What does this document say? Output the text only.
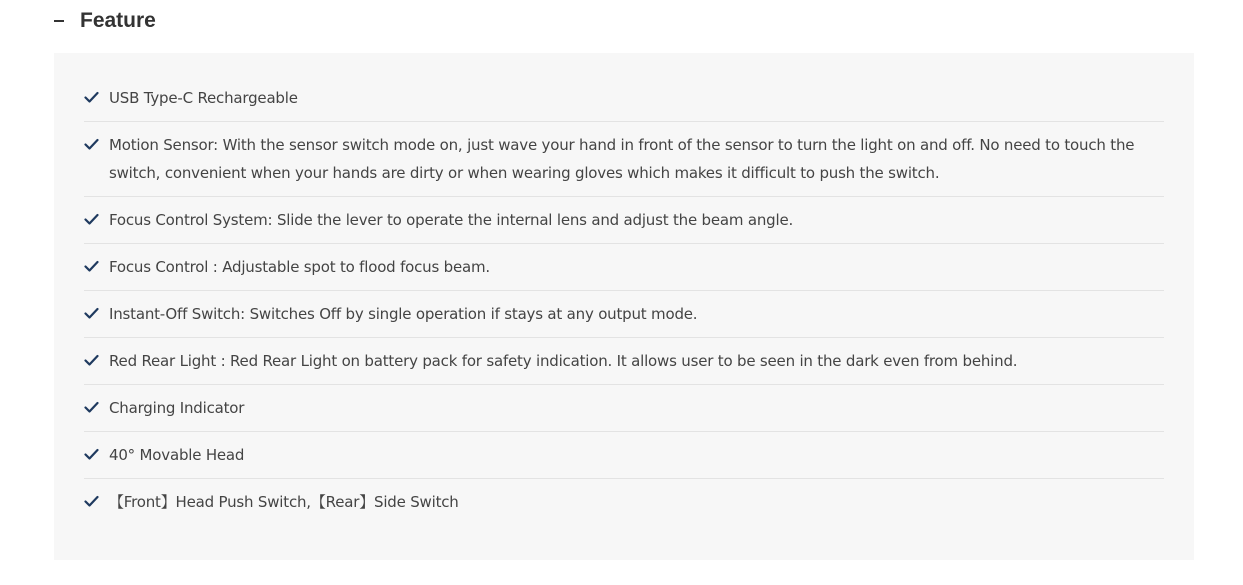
Feature
USB Type-C Rechargeable
Motion Sensor: With the sensor switch mode on, just wave your hand in front of the sensor to turn the light on and off. No need to touch the switch, convenient when your hands are dirty or when wearing gloves which makes it difficult to push the switch.
Focus Control System: Slide the lever to operate the internal lens and adjust the beam angle.
Focus Control : Adjustable spot to flood focus beam.
Instant-Off Switch: Switches Off by single operation if stays at any output mode.
Red Rear Light : Red Rear Light on battery pack for safety indication. It allows user to be seen in the dark even from behind.
Charging Indicator
40° Movable Head
【Front】Head Push Switch,【Rear】Side Switch
